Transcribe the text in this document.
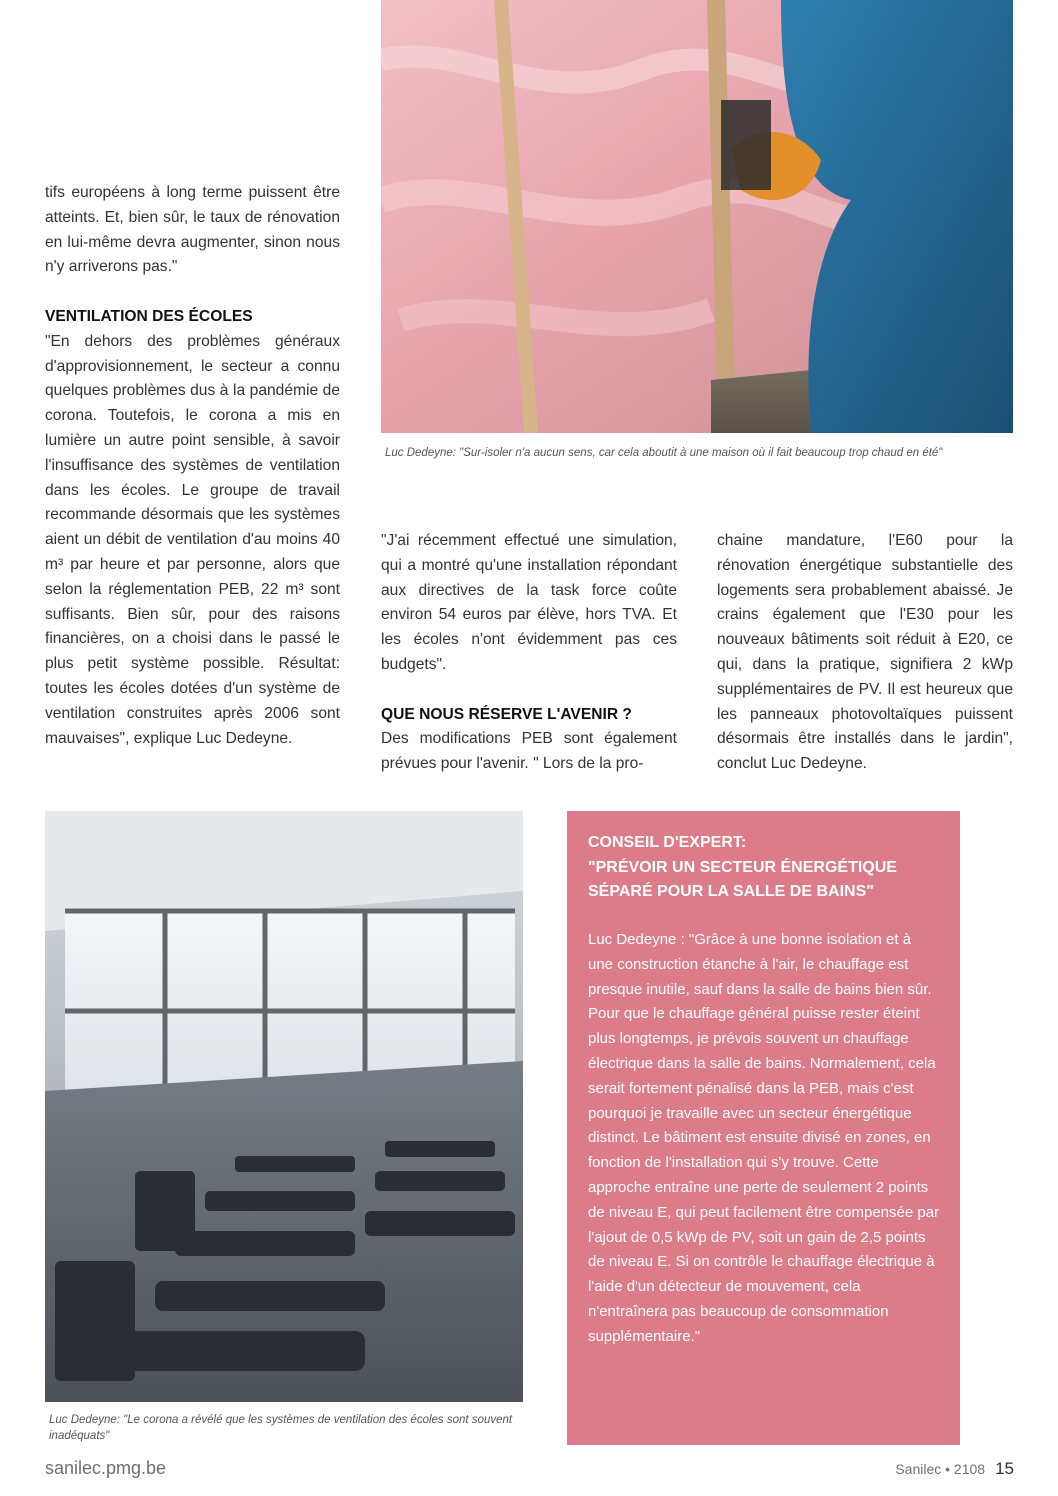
tifs européens à long terme puissent être atteints. Et, bien sûr, le taux de rénovation en lui-même devra augmenter, sinon nous n'y arriverons pas."

VENTILATION DES ÉCOLES

"En dehors des problèmes généraux d'approvisionnement, le secteur a connu quelques problèmes dus à la pandémie de corona. Toutefois, le corona a mis en lumière un autre point sensible, à savoir l'insuffisance des systèmes de ventilation dans les écoles. Le groupe de travail recommande désormais que les systèmes aient un débit de ventilation d'au moins 40 m³ par heure et par personne, alors que selon la réglementation PEB, 22 m³ sont suffisants. Bien sûr, pour des raisons financières, on a choisi dans le passé le plus petit système possible. Résultat: toutes les écoles dotées d'un système de ventilation construites après 2006 sont mauvaises", explique Luc Dedeyne.

Luc Dedeyne: "Sur-isoler n'a aucun sens, car cela aboutit à une maison où il fait beaucoup trop chaud en été"

"J'ai récemment effectué une simulation, qui a montré qu'une installation répondant aux directives de la task force coûte environ 54 euros par élève, hors TVA. Et les écoles n'ont évidemment pas ces budgets".

QUE NOUS RÉSERVE L'AVENIR ?

Des modifications PEB sont également prévues pour l'avenir. " Lors de la pro-

chaine mandature, l'E60 pour la rénovation énergétique substantielle des logements sera probablement abaissé. Je crains également que l'E30 pour les nouveaux bâtiments soit réduit à E20, ce qui, dans la pratique, signifiera 2 kWp supplémentaires de PV. Il est heureux que les panneaux photovoltaïques puissent désormais être installés dans le jardin", conclut Luc Dedeyne.

Luc Dedeyne: "Le corona a révélé que les systèmes de ventilation des écoles sont souvent inadéquats"
CONSEIL D'EXPERT:
"PRÉVOIR UN SECTEUR ÉNERGÉTIQUE
SÉPARÉ POUR LA SALLE DE BAINS"

Luc Dedeyne : "Grâce à une bonne isolation et à une construction étanche à l'air, le chauffage est presque inutile, sauf dans la salle de bains bien sûr. Pour que le chauffage général puisse rester éteint plus longtemps, je prévois souvent un chauffage électrique dans la salle de bains. Normalement, cela serait fortement pénalisé dans la PEB, mais c'est pourquoi je travaille avec un secteur énergétique distinct. Le bâtiment est ensuite divisé en zones, en fonction de l'installation qui s'y trouve. Cette approche entraîne une perte de seulement 2 points de niveau E, qui peut facilement être compensée par l'ajout de 0,5 kWp de PV, soit un gain de 2,5 points de niveau E. Si on contrôle le chauffage électrique à l'aide d'un détecteur de mouvement, cela n'entraînera pas beaucoup de consommation supplémentaire."

sanilec.pmg.be	Sanilec • 2108 15
